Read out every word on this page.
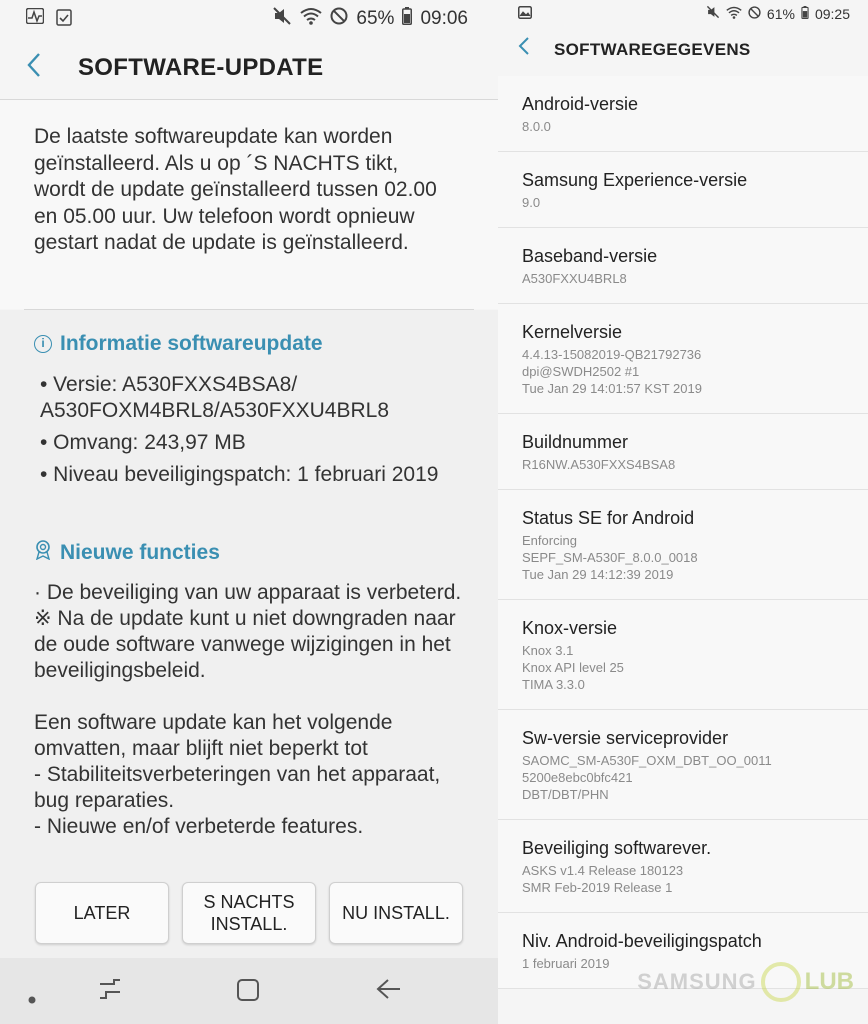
65% 09:06
SOFTWARE-UPDATE

De laatste softwareupdate kan worden geïnstalleerd. Als u op ´S NACHTS tikt, wordt de update geïnstalleerd tussen 02.00 en 05.00 uur. Uw telefoon wordt opnieuw gestart nadat de update is geïnstalleerd.

i Informatie softwareupdate
• Versie: A530FXXS4BSA8/ A530FOXM4BRL8/A530FXXU4BRL8
• Omvang: 243,97 MB
• Niveau beveiligingspatch: 1 februari 2019
Nieuwe functies

· De beveiliging van uw apparaat is verbeterd.
※ Na de update kunt u niet downgraden naar de oude software vanwege wijzigingen in het beveiligingsbeleid.

Een software update kan het volgende omvatten, maar blijft niet beperkt tot
- Stabiliteitsverbeteringen van het apparaat, bug reparaties.
- Nieuwe en/of verbeterde features.

LATER
S NACHTS
INSTALL.
NU INSTALL.
61% 09:25
SOFTWAREGEGEVENS
Android-versie
8.0.0
Samsung Experience-versie
9.0
Baseband-versie
A530FXXU4BRL8
Kernelversie
4.4.13-15082019-QB21792736
dpi@SWDH2502 #1
Tue Jan 29 14:01:57 KST 2019
Buildnummer
R16NW.A530FXXS4BSA8
Status SE for Android
Enforcing
SEPF_SM-A530F_8.0.0_0018
Tue Jan 29 14:12:39 2019
Knox-versie
Knox 3.1
Knox API level 25
TIMA 3.3.0
Sw-versie serviceprovider
SAOMC_SM-A530F_OXM_DBT_OO_0011
5200e8ebc0bfc421
DBT/DBT/PHN
Beveiliging softwarever.
ASKS v1.4 Release 180123
SMR Feb-2019 Release 1
Niv. Android-beveiligingspatch
1 februari 2019
SAMSUNG LUB
